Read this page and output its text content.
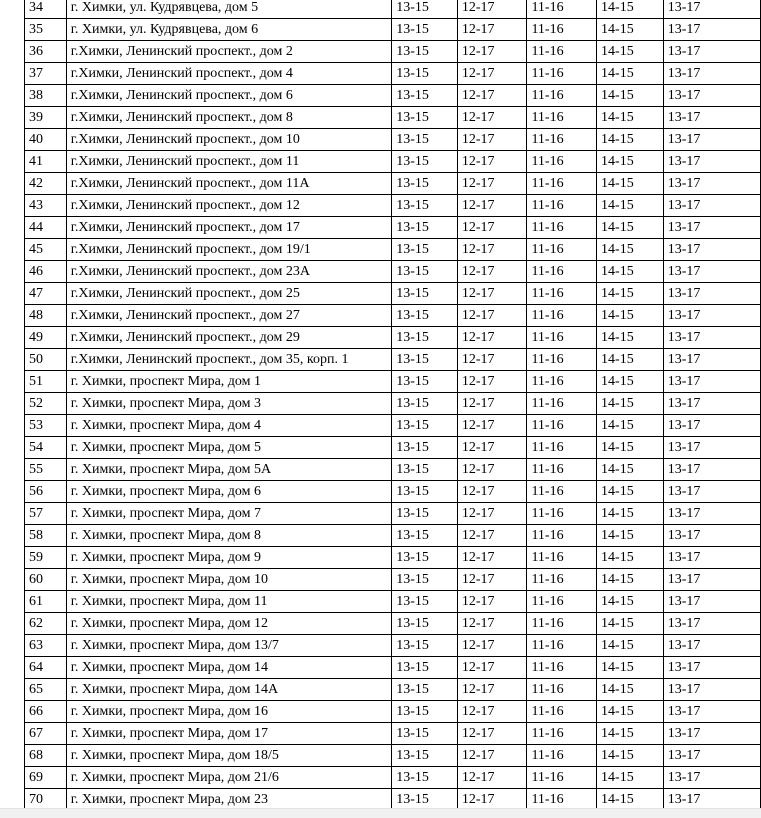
34	г. Химки, ул. Кудрявцева, дом 5	13-15	12-17	11-16	14-15	13-17
35	г. Химки, ул. Кудрявцева, дом 6	13-15	12-17	11-16	14-15	13-17
36	г.Химки, Ленинский проспект., дом 2	13-15	12-17	11-16	14-15	13-17
37	г.Химки, Ленинский проспект., дом 4	13-15	12-17	11-16	14-15	13-17
38	г.Химки, Ленинский проспект., дом 6	13-15	12-17	11-16	14-15	13-17
39	г.Химки, Ленинский проспект., дом 8	13-15	12-17	11-16	14-15	13-17
40	г.Химки, Ленинский проспект., дом 10	13-15	12-17	11-16	14-15	13-17
41	г.Химки, Ленинский проспект., дом 11	13-15	12-17	11-16	14-15	13-17
42	г.Химки, Ленинский проспект., дом 11А	13-15	12-17	11-16	14-15	13-17
43	г.Химки, Ленинский проспект., дом 12	13-15	12-17	11-16	14-15	13-17
44	г.Химки, Ленинский проспект., дом 17	13-15	12-17	11-16	14-15	13-17
45	г.Химки, Ленинский проспект., дом 19/1	13-15	12-17	11-16	14-15	13-17
46	г.Химки, Ленинский проспект., дом 23А	13-15	12-17	11-16	14-15	13-17
47	г.Химки, Ленинский проспект., дом 25	13-15	12-17	11-16	14-15	13-17
48	г.Химки, Ленинский проспект., дом 27	13-15	12-17	11-16	14-15	13-17
49	г.Химки, Ленинский проспект., дом 29	13-15	12-17	11-16	14-15	13-17
50	г.Химки, Ленинский проспект., дом 35, корп. 1	13-15	12-17	11-16	14-15	13-17
51	г. Химки, проспект Мира, дом 1	13-15	12-17	11-16	14-15	13-17
52	г. Химки, проспект Мира, дом 3	13-15	12-17	11-16	14-15	13-17
53	г. Химки, проспект Мира, дом 4	13-15	12-17	11-16	14-15	13-17
54	г. Химки, проспект Мира, дом 5	13-15	12-17	11-16	14-15	13-17
55	г. Химки, проспект Мира, дом 5А	13-15	12-17	11-16	14-15	13-17
56	г. Химки, проспект Мира, дом 6	13-15	12-17	11-16	14-15	13-17
57	г. Химки, проспект Мира, дом 7	13-15	12-17	11-16	14-15	13-17
58	г. Химки, проспект Мира, дом 8	13-15	12-17	11-16	14-15	13-17
59	г. Химки, проспект Мира, дом 9	13-15	12-17	11-16	14-15	13-17
60	г. Химки, проспект Мира, дом 10	13-15	12-17	11-16	14-15	13-17
61	г. Химки, проспект Мира, дом 11	13-15	12-17	11-16	14-15	13-17
62	г. Химки, проспект Мира, дом 12	13-15	12-17	11-16	14-15	13-17
63	г. Химки, проспект Мира, дом 13/7	13-15	12-17	11-16	14-15	13-17
64	г. Химки, проспект Мира, дом 14	13-15	12-17	11-16	14-15	13-17
65	г. Химки, проспект Мира, дом 14А	13-15	12-17	11-16	14-15	13-17
66	г. Химки, проспект Мира, дом 16	13-15	12-17	11-16	14-15	13-17
67	г. Химки, проспект Мира, дом 17	13-15	12-17	11-16	14-15	13-17
68	г. Химки, проспект Мира, дом 18/5	13-15	12-17	11-16	14-15	13-17
69	г. Химки, проспект Мира, дом 21/6	13-15	12-17	11-16	14-15	13-17
70	г. Химки, проспект Мира, дом 23	13-15	12-17	11-16	14-15	13-17
